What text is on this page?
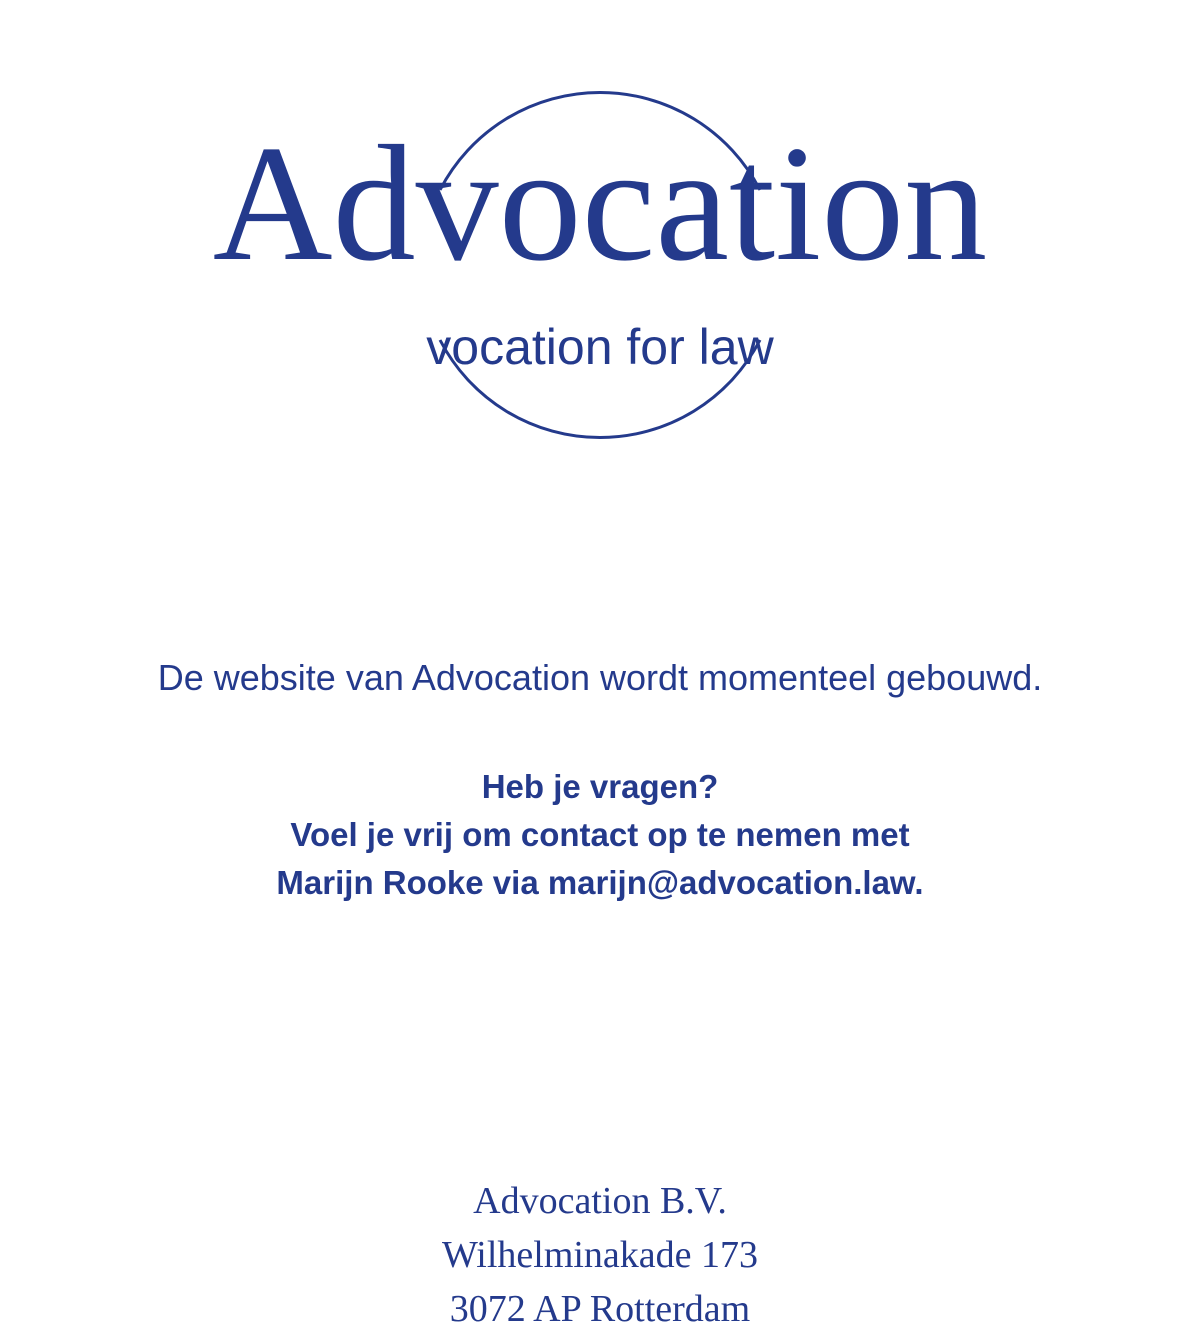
Advocation
vocation for law
De website van Advocation wordt momenteel gebouwd.
Heb je vragen?
Voel je vrij om contact op te nemen met
Marijn Rooke via marijn@advocation.law.
Advocation B.V.
Wilhelminakade 173
3072 AP Rotterdam
